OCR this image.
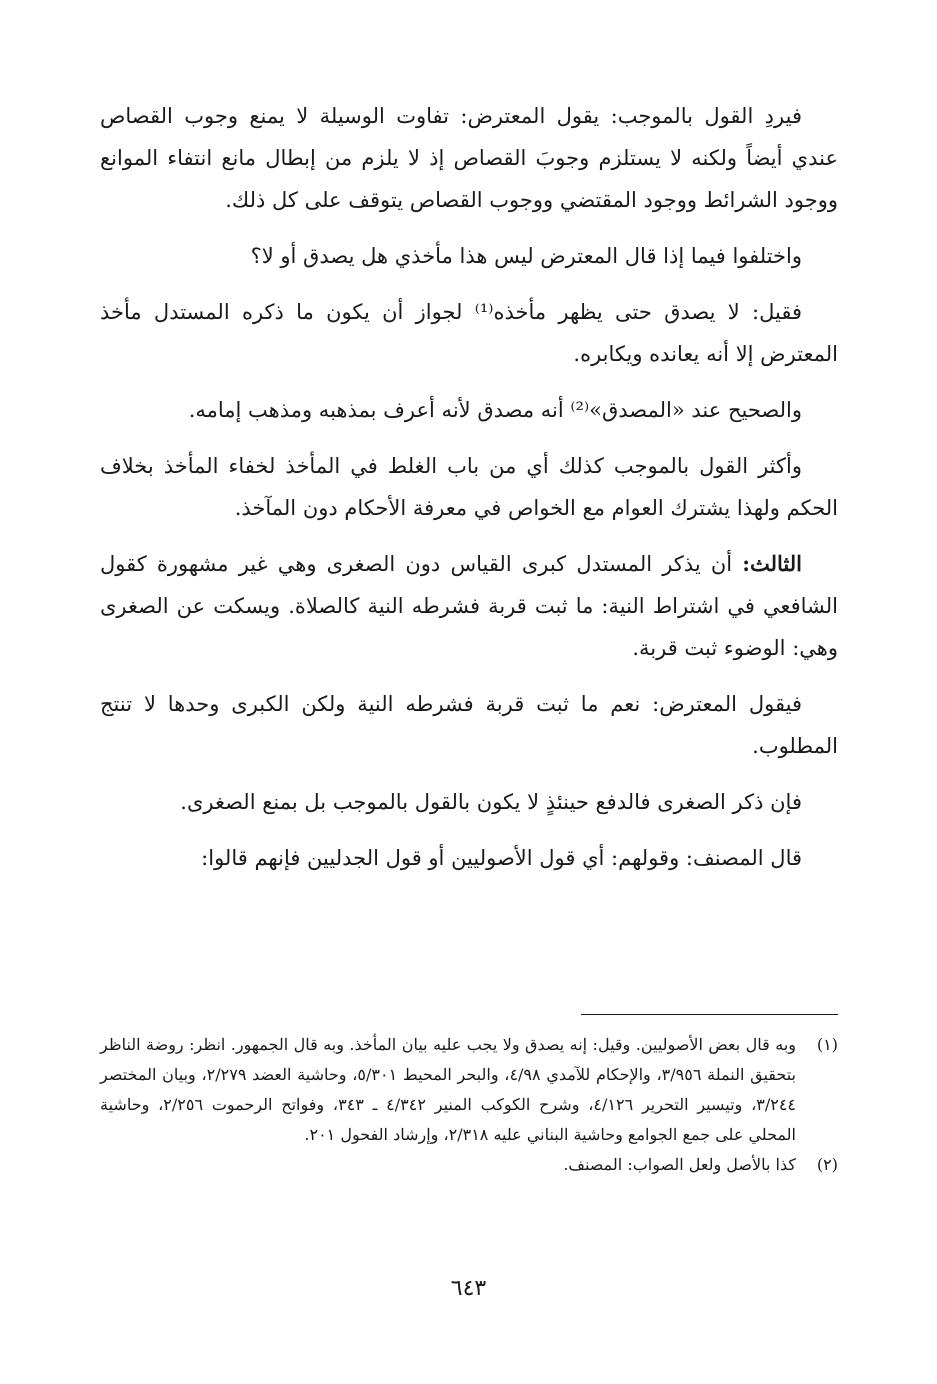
فيردِ القول بالموجب: يقول المعترض: تفاوت الوسيلة لا يمنع وجوب القصاص عندي أيضاً ولكنه لا يستلزم وجوبَ القصاص إذ لا يلزم من إبطال مانع انتفاء الموانع ووجود الشرائط ووجود المقتضي ووجوب القصاص يتوقف على كل ذلك.

واختلفوا فيما إذا قال المعترض ليس هذا مأخذي هل يصدق أو لا؟

فقيل: لا يصدق حتى يظهر مأخذه⁽¹⁾ لجواز أن يكون ما ذكره المستدل مأخذ المعترض إلا أنه يعانده ويكابره.

والصحيح عند «المصدق»⁽²⁾ أنه مصدق لأنه أعرف بمذهبه ومذهب إمامه.

وأكثر القول بالموجب كذلك أي من باب الغلط في المأخذ لخفاء المأخذ بخلاف الحكم ولهذا يشترك العوام مع الخواص في معرفة الأحكام دون المآخذ.

الثالث: أن يذكر المستدل كبرى القياس دون الصغرى وهي غير مشهورة كقول الشافعي في اشتراط النية: ما ثبت قربة فشرطه النية كالصلاة. ويسكت عن الصغرى وهي: الوضوء ثبت قربة.

فيقول المعترض: نعم ما ثبت قربة فشرطه النية ولكن الكبرى وحدها لا تنتج المطلوب.

فإن ذكر الصغرى فالدفع حينئذٍ لا يكون بالقول بالموجب بل بمنع الصغرى.

قال المصنف: وقولهم: أي قول الأصوليين أو قول الجدليين فإنهم قالوا:

(١)
وبه قال بعض الأصوليين. وقيل: إنه يصدق ولا يجب عليه بيان المأخذ. وبه قال الجمهور. انظر: روضة الناظر بتحقيق النملة ٣/٩٥٦، والإحكام للآمدي ٤/٩٨، والبحر المحيط ٥/٣٠١، وحاشية العضد ٢/٢٧٩، وبيان المختصر ٣/٢٤٤، وتيسير التحرير ٤/١٢٦، وشرح الكوكب المنير ٤/٣٤٢ ـ ٣٤٣، وفواتح الرحموت ٢/٢٥٦، وحاشية المحلي على جمع الجوامع وحاشية البناني عليه ٢/٣١٨، وإرشاد الفحول ٢٠١.

(٢)
كذا بالأصل ولعل الصواب: المصنف.

٦٤٣
